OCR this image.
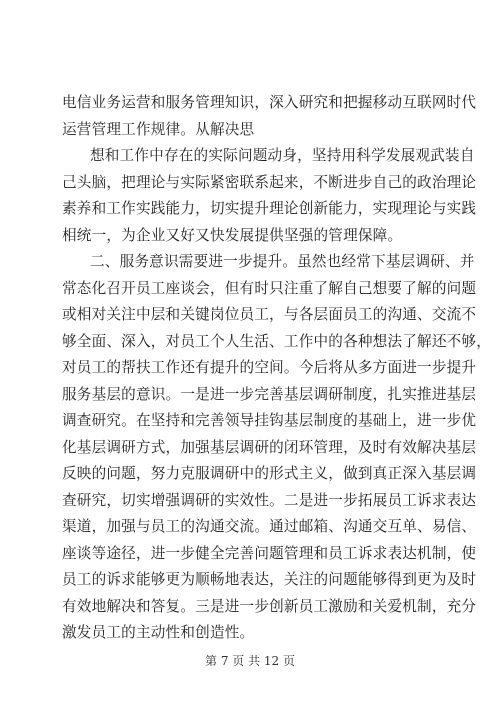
电信业务运营和服务管理知识，深入研究和把握移动互联网时代
运营管理工作规律。从解决思
想和工作中存在的实际问题动身，坚持用科学发展观武装自
己头脑，把理论与实际紧密联系起来，不断进步自己的政治理论
素养和工作实践能力，切实提升理论创新能力，实现理论与实践
相统一，为企业又好又快发展提供坚强的管理保障。
二、服务意识需要进一步提升。虽然也经常下基层调研、并
常态化召开员工座谈会，但有时只注重了解自己想要了解的问题
或相对关注中层和关键岗位员工，与各层面员工的沟通、交流不
够全面、深入，对员工个人生活、工作中的各种想法了解还不够，
对员工的帮扶工作还有提升的空间。今后将从多方面进一步提升
服务基层的意识。一是进一步完善基层调研制度，扎实推进基层
调查研究。在坚持和完善领导挂钩基层制度的基础上，进一步优
化基层调研方式，加强基层调研的闭环管理，及时有效解决基层
反映的问题，努力克服调研中的形式主义，做到真正深入基层调
查研究，切实增强调研的实效性。二是进一步拓展员工诉求表达
渠道，加强与员工的沟通交流。通过邮箱、沟通交互单、易信、
座谈等途径，进一步健全完善问题管理和员工诉求表达机制，使
员工的诉求能够更为顺畅地表达，关注的问题能够得到更为及时
有效地解决和答复。三是进一步创新员工激励和关爱机制，充分
激发员工的主动性和创造性。
第 7 页 共 12 页
